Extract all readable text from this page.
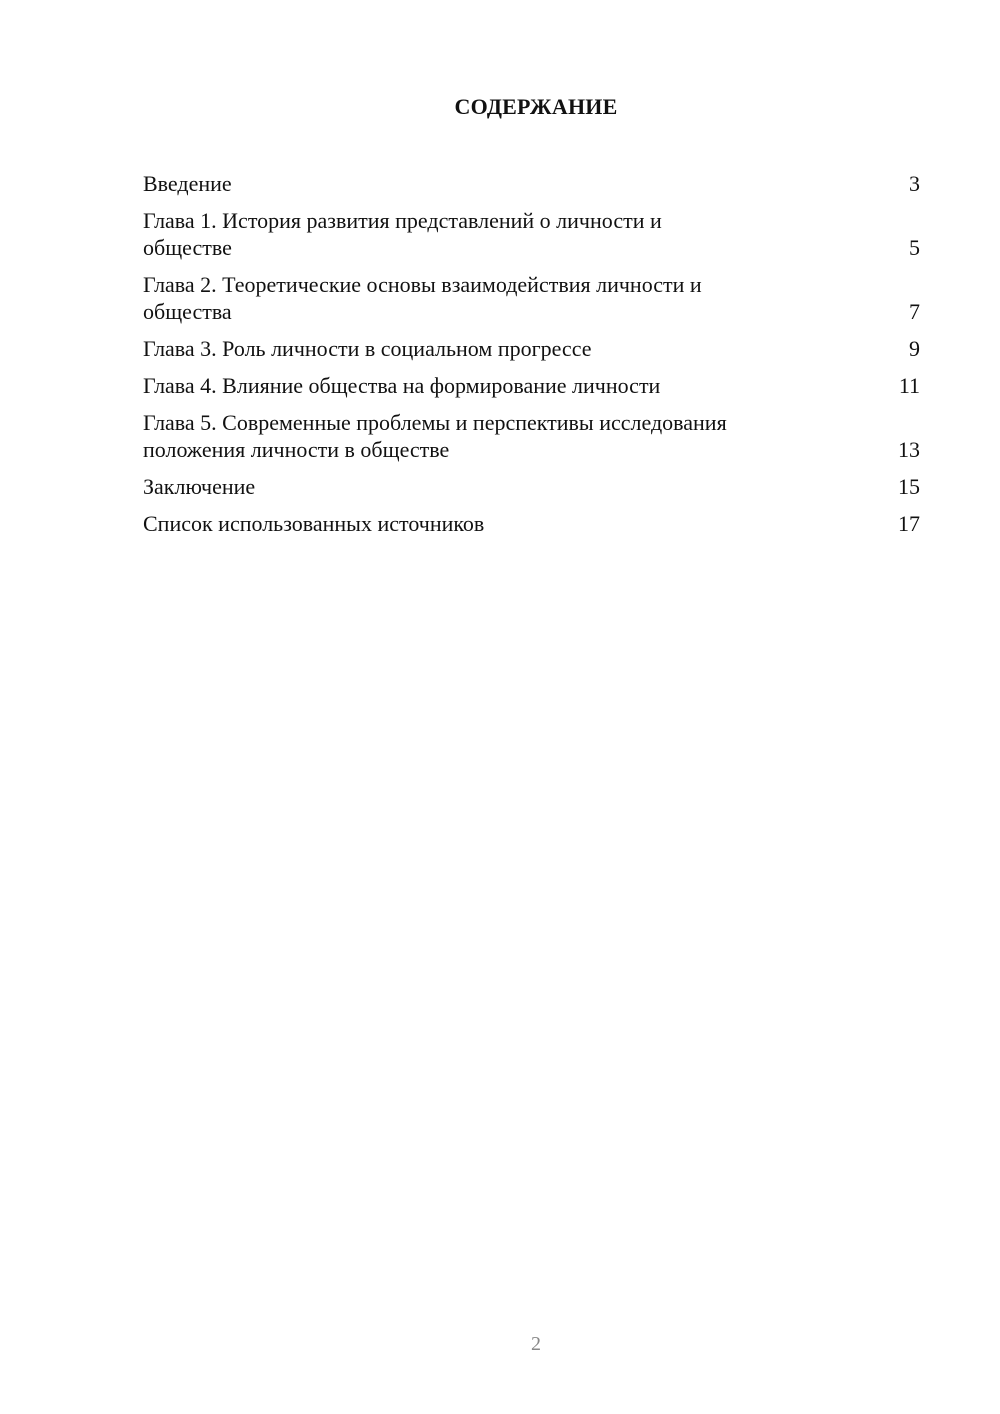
СОДЕРЖАНИЕ
Введение	3
Глава 1. История развития представлений о личности и обществе	5
Глава 2. Теоретические основы взаимодействия личности и общества	7
Глава 3. Роль личности в социальном прогрессе	9
Глава 4. Влияние общества на формирование личности	11
Глава 5. Современные проблемы и перспективы исследования положения личности в обществе	13
Заключение	15
Список использованных источников	17
2
